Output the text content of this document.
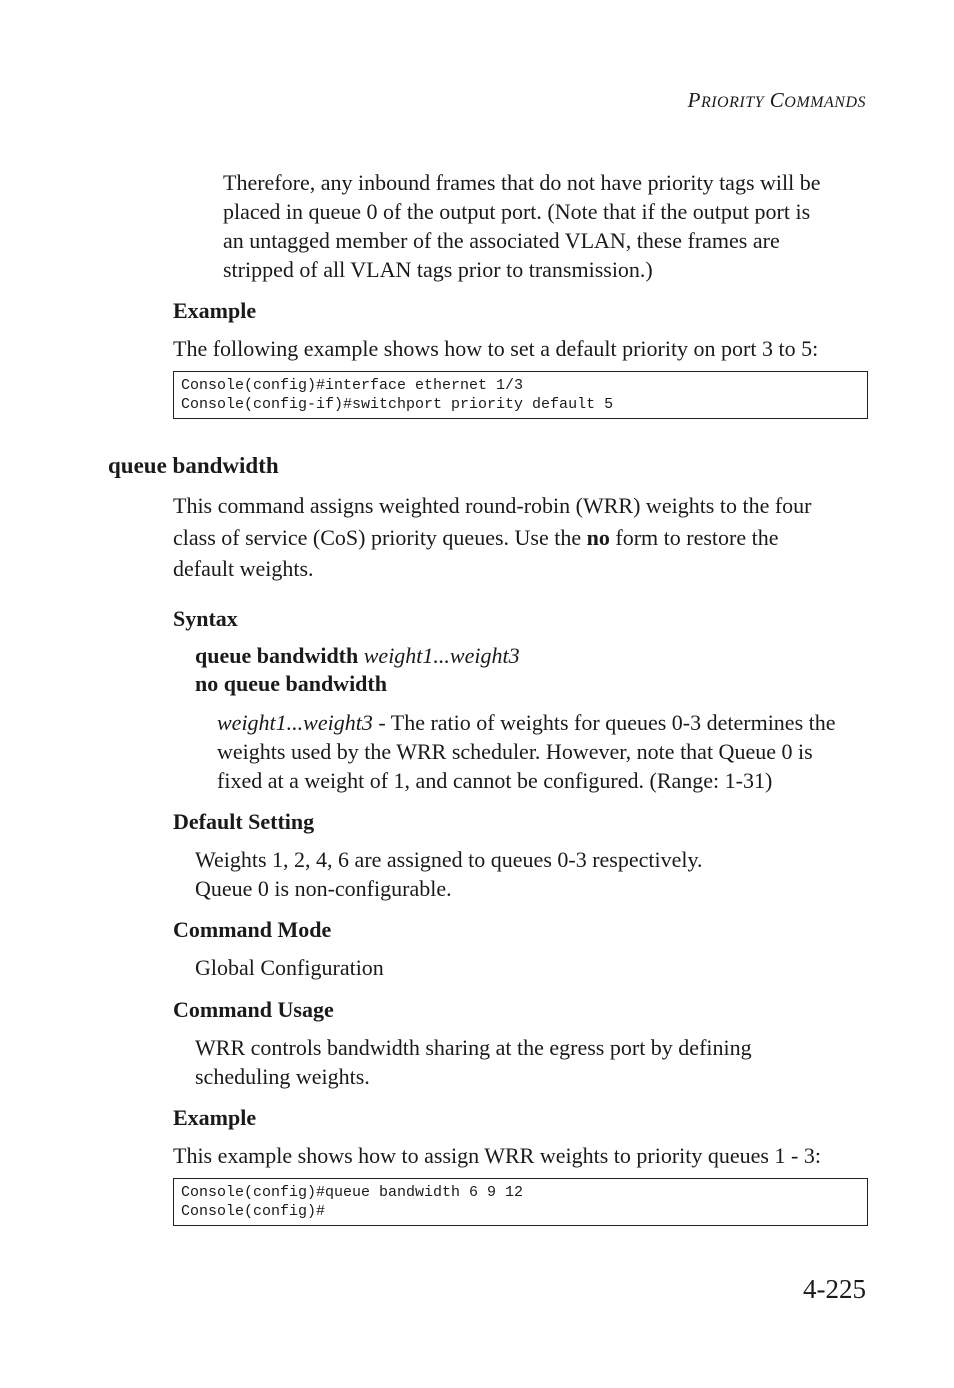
PRIORITY COMMANDS
Therefore, any inbound frames that do not have priority tags will be
placed in queue 0 of the output port. (Note that if the output port is
an untagged member of the associated VLAN, these frames are
stripped of all VLAN tags prior to transmission.)
Example
The following example shows how to set a default priority on port 3 to 5:
Console(config)#interface ethernet 1/3
Console(config-if)#switchport priority default 5
queue bandwidth
This command assigns weighted round-robin (WRR) weights to the four
class of service (CoS) priority queues. Use the no form to restore the
default weights.
Syntax
queue bandwidth weight1...weight3
no queue bandwidth
weight1...weight3 - The ratio of weights for queues 0-3 determines the
weights used by the WRR scheduler. However, note that Queue 0 is
fixed at a weight of 1, and cannot be configured. (Range: 1-31)
Default Setting
Weights 1, 2, 4, 6 are assigned to queues 0-3 respectively.
Queue 0 is non-configurable.
Command Mode
Global Configuration
Command Usage
WRR controls bandwidth sharing at the egress port by defining
scheduling weights.
Example
This example shows how to assign WRR weights to priority queues 1 - 3:
Console(config)#queue bandwidth 6 9 12
Console(config)#
4-225
